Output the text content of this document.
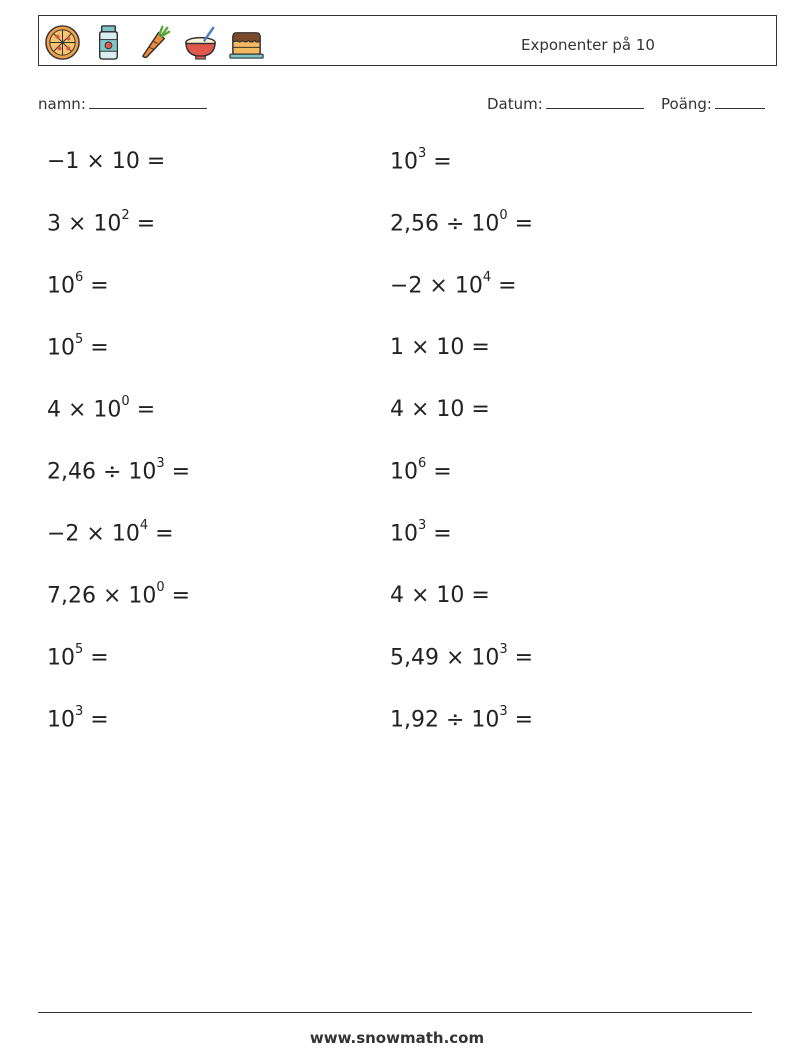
Exponenter på 10
namn:	Datum:	Poäng:
−1 × 10 =
$3 \times 10^2$ =
$10^6$ =
$10^5$ =
$4 \times 10^0$ =
$2,46 \div 10^3$ =
$-2 \times 10^4$ =
$7,26 \times 10^0$ =
$10^5$ =
$10^3$ =
$10^3$ =
$2,56 \div 10^0$ =
$-2 \times 10^4$ =
1 × 10 =
4 × 10 =
$10^6$ =
$10^3$ =
4 × 10 =
$5,49 \times 10^3$ =
$1,92 \div 10^3$ =
www.snowmath.com
